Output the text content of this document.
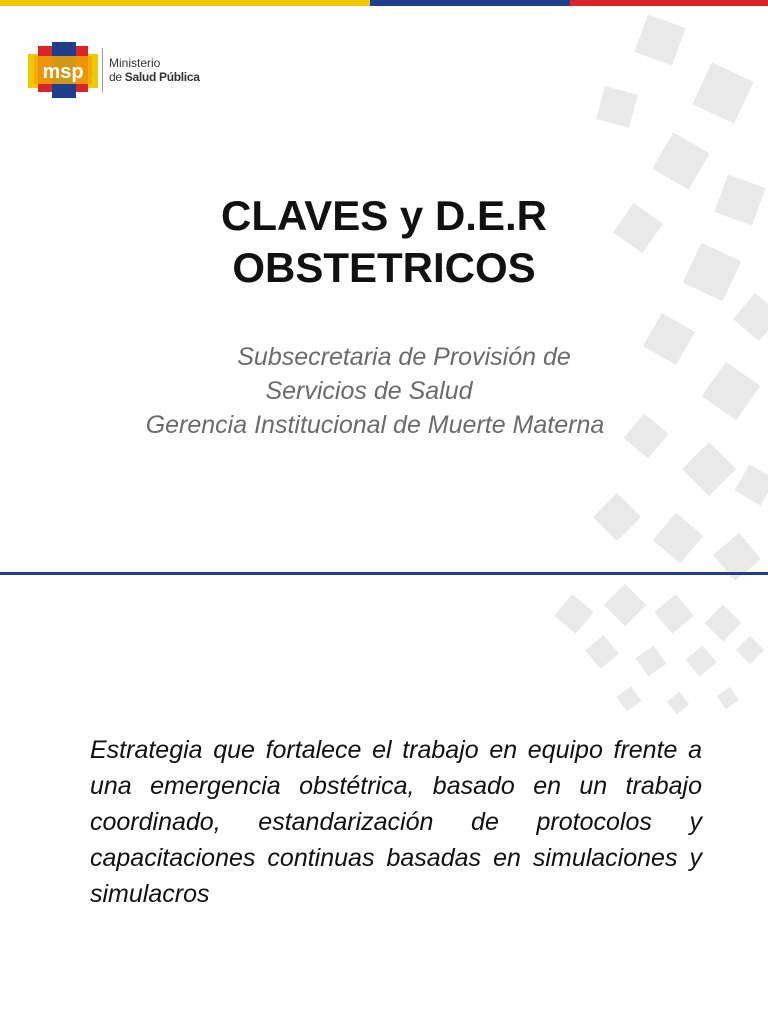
msp Ministerio
de Salud Pública
CLAVES y D.E.R
OBSTETRICOS
Subsecretaria de Provisión de
Servicios de Salud
Gerencia Institucional de Muerte Materna

Estrategia que fortalece el trabajo en equipo frente a una emergencia obstétrica, basado en un trabajo coordinado, estandarización de protocolos y capacitaciones continuas basadas en simulaciones y simulacros
